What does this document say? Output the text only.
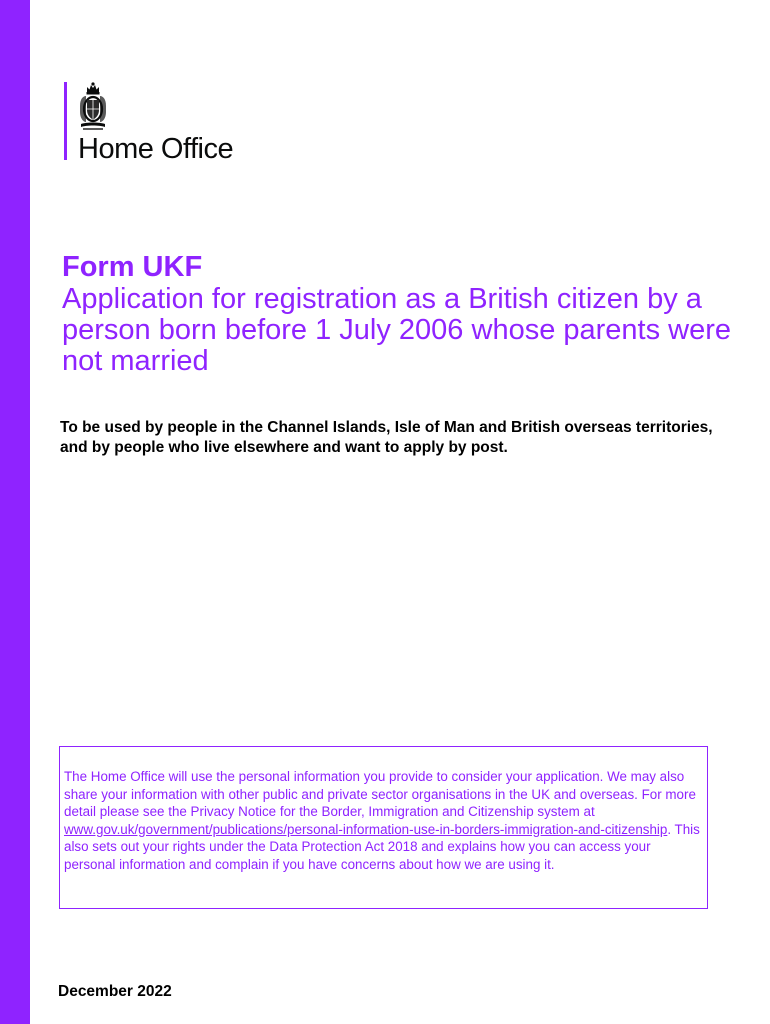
Home Office
Form UKF
Application for registration as a British citizen by a person born before 1 July 2006 whose parents were not married

To be used by people in the Channel Islands, Isle of Man and British overseas territories, and by people who live elsewhere and want to apply by post.

The Home Office will use the personal information you provide to consider your application. We may also share your information with other public and private sector organisations in the UK and overseas. For more detail please see the Privacy Notice for the Border, Immigration and Citizenship system at www.gov.uk/government/publications/personal-information-use-in-borders-immigration-and-citizenship. This also sets out your rights under the Data Protection Act 2018 and explains how you can access your personal information and complain if you have concerns about how we are using it.

December 2022
